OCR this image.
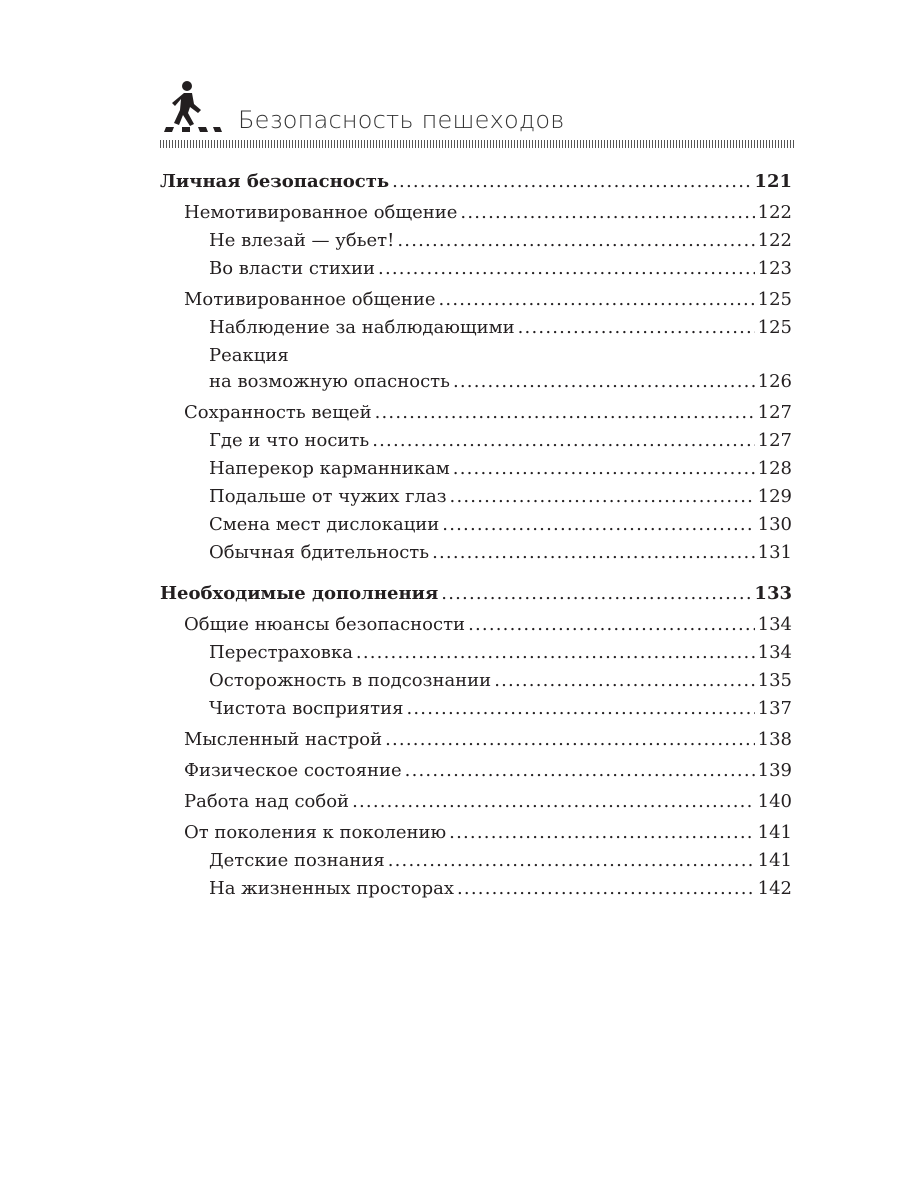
Безопасность пешеходов
Личная безопасность .....	121
Немотивированное общение .....	122
Не влезай — убьет! .....	122
Во власти стихии .....	123
Мотивированное общение .....	125
Наблюдение за наблюдающими .....	125
Реакция
на возможную опасность .....	126
Сохранность вещей .....	127
Где и что носить .....	127
Наперекор карманникам .....	128
Подальше от чужих глаз .....	129
Смена мест дислокации .....	130
Обычная бдительность .....	131
Необходимые дополнения .....	133
Общие нюансы безопасности .....	134
Перестраховка .....	134
Осторожность в подсознании .....	135
Чистота восприятия .....	137
Мысленный настрой .....	138
Физическое состояние .....	139
Работа над собой .....	140
От поколения к поколению .....	141
Детские познания .....	141
На жизненных просторах .....	142
